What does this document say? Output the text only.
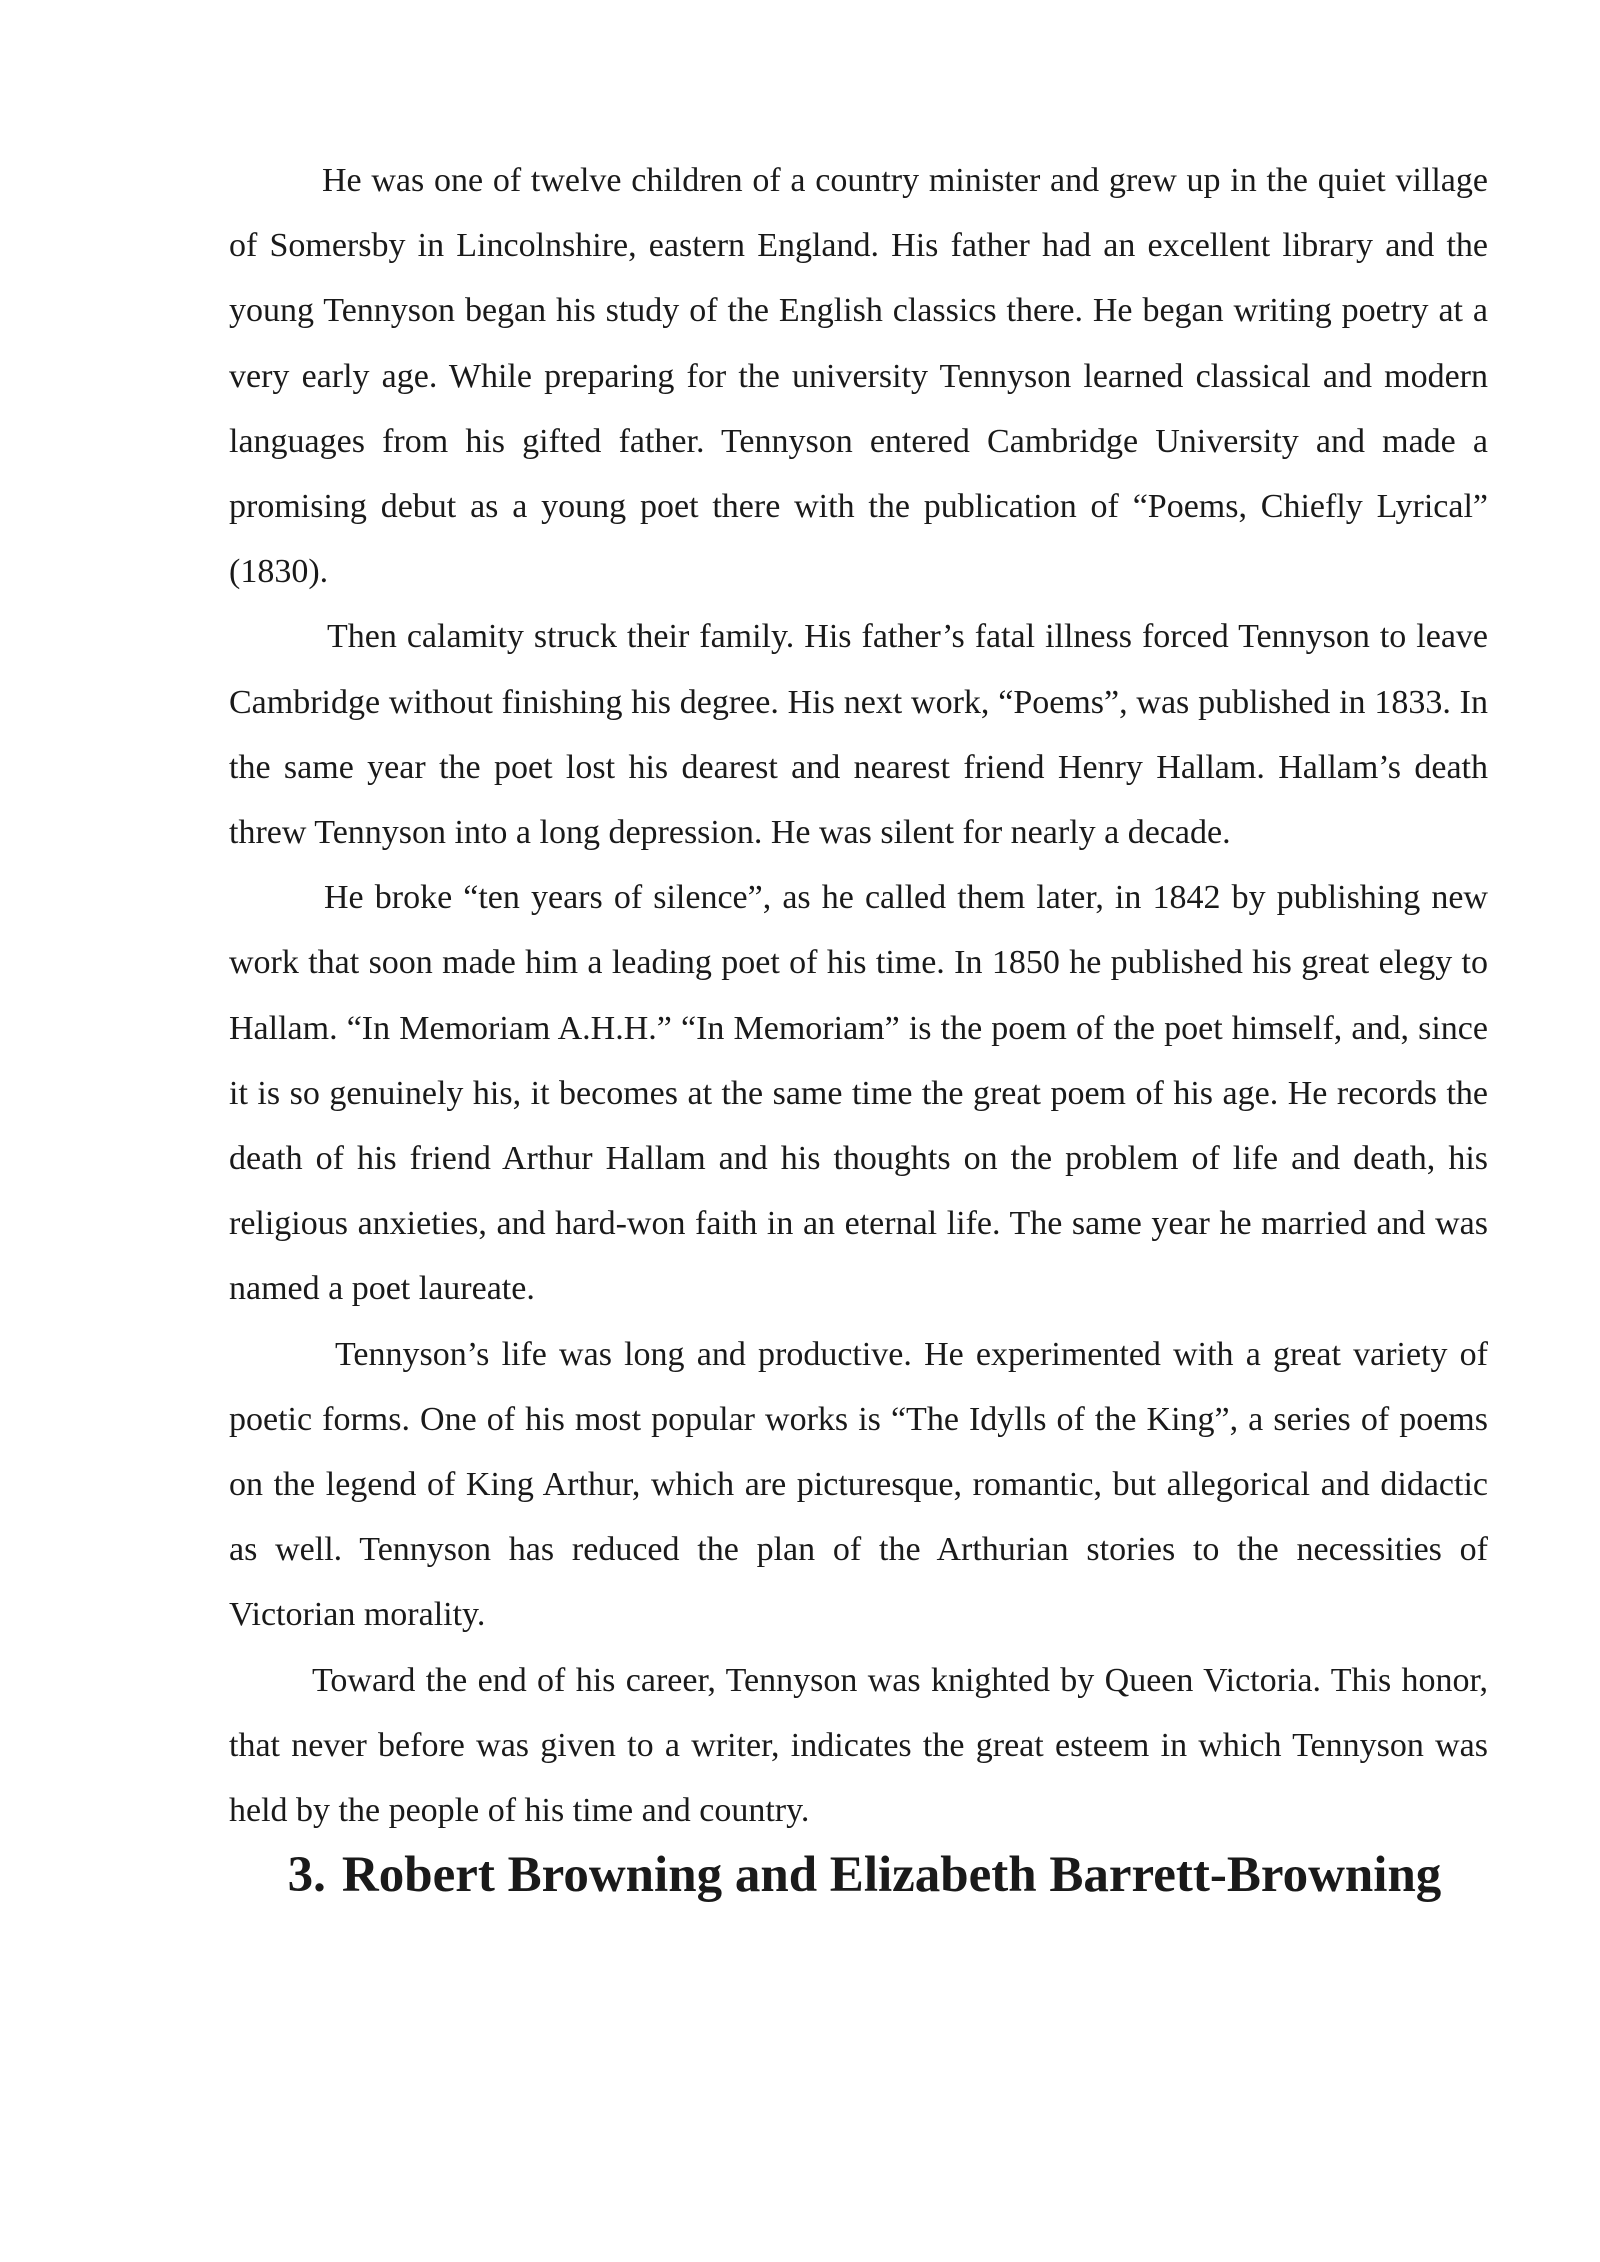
He was one of twelve children of a country minister and grew up in the quiet village of Somersby in Lincolnshire, eastern England. His father had an excellent library and the young Tennyson began his study of the English classics there. He began writing poetry at a very early age. While preparing for the university Tennyson learned classical and modern languages from his gifted father. Tennyson entered Cambridge University and made a promising debut as a young poet there with the publication of “Poems, Chiefly Lyrical” (1830).

Then calamity struck their family. His father’s fatal illness forced Tennyson to leave Cambridge without finishing his degree. His next work, “Poems”, was published in 1833. In the same year the poet lost his dearest and nearest friend Henry Hallam. Hallam’s death threw Tennyson into a long depression. He was silent for nearly a decade.

He broke “ten years of silence”, as he called them later, in 1842 by publishing new work that soon made him a leading poet of his time. In 1850 he published his great elegy to Hallam. “In Memoriam A.H.H.” “In Memoriam” is the poem of the poet himself, and, since it is so genuinely his, it becomes at the same time the great poem of his age. He records the death of his friend Arthur Hallam and his thoughts on the problem of life and death, his religious anxieties, and hard-won faith in an eternal life. The same year he married and was named a poet laureate.

Tennyson’s life was long and productive. He experimented with a great variety of poetic forms. One of his most popular works is “The Idylls of the King”, a series of poems on the legend of King Arthur, which are picturesque, romantic, but allegorical and didactic as well. Tennyson has reduced the plan of the Arthurian stories to the necessities of Victorian morality.

Toward the end of his career, Tennyson was knighted by Queen Victoria. This honor, that never before was given to a writer, indicates the great esteem in which Tennyson was held by the people of his time and country.

3. Robert Browning and Elizabeth Barrett-Browning
